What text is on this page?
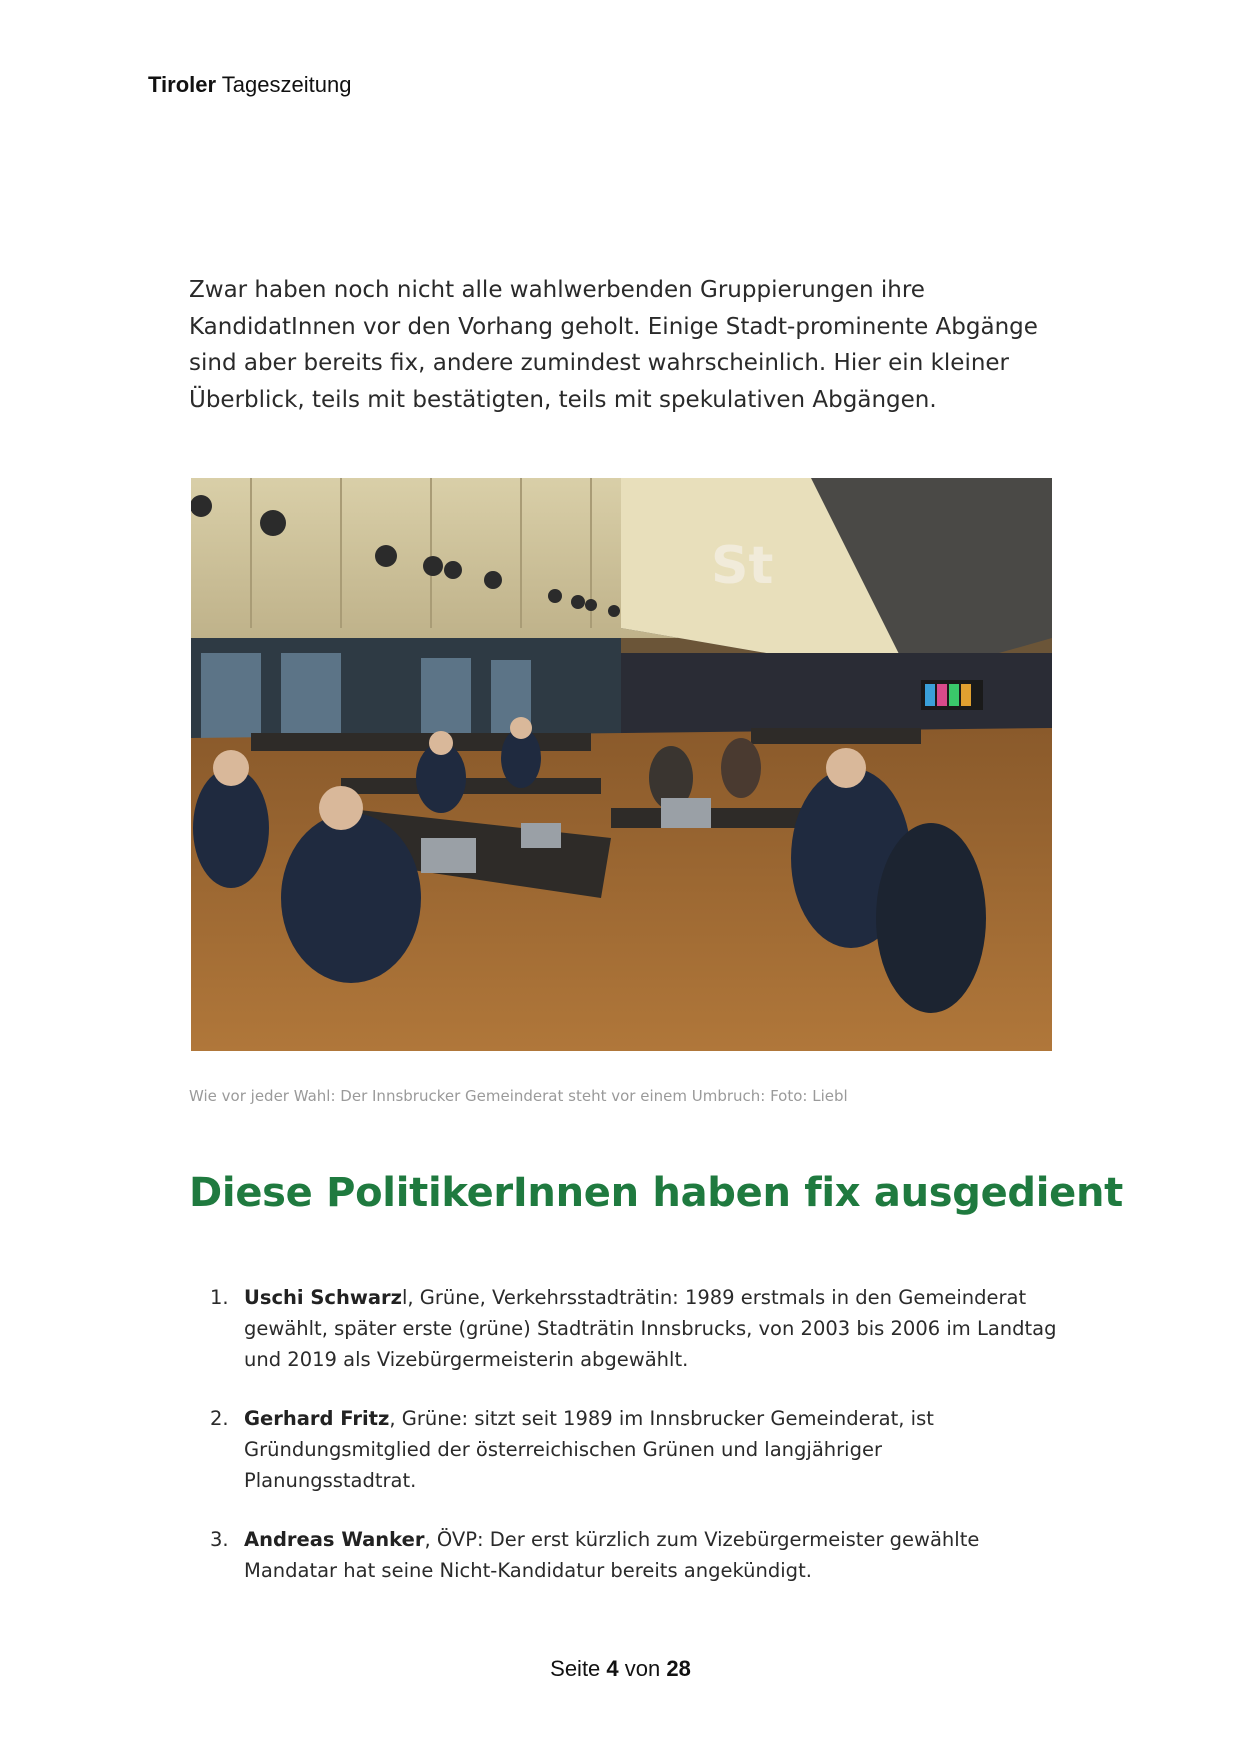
Tiroler Tageszeitung

Zwar haben noch nicht alle wahlwerbenden Gruppierungen ihre
KandidatInnen vor den Vorhang geholt. Einige Stadt-prominente Abgänge
sind aber bereits fix, andere zumindest wahrscheinlich. Hier ein kleiner
Überblick, teils mit bestätigten, teils mit spekulativen Abgängen.

St

Wie vor jeder Wahl: Der Innsbrucker Gemeinderat steht vor einem Umbruch: Foto: Liebl

Diese PolitikerInnen haben fix ausgedient
1. Uschi Schwarzl, Grüne, Verkehrsstadträtin: 1989 erstmals in den Gemeinderat
gewählt, später erste (grüne) Stadträtin Innsbrucks, von 2003 bis 2006 im Landtag
und 2019 als Vizebürgermeisterin abgewählt.
2. Gerhard Fritz, Grüne: sitzt seit 1989 im Innsbrucker Gemeinderat, ist
Gründungsmitglied der österreichischen Grünen und langjähriger
Planungsstadtrat.
3. Andreas Wanker, ÖVP: Der erst kürzlich zum Vizebürgermeister gewählte
Mandatar hat seine Nicht-Kandidatur bereits angekündigt.
Seite 4 von 28
